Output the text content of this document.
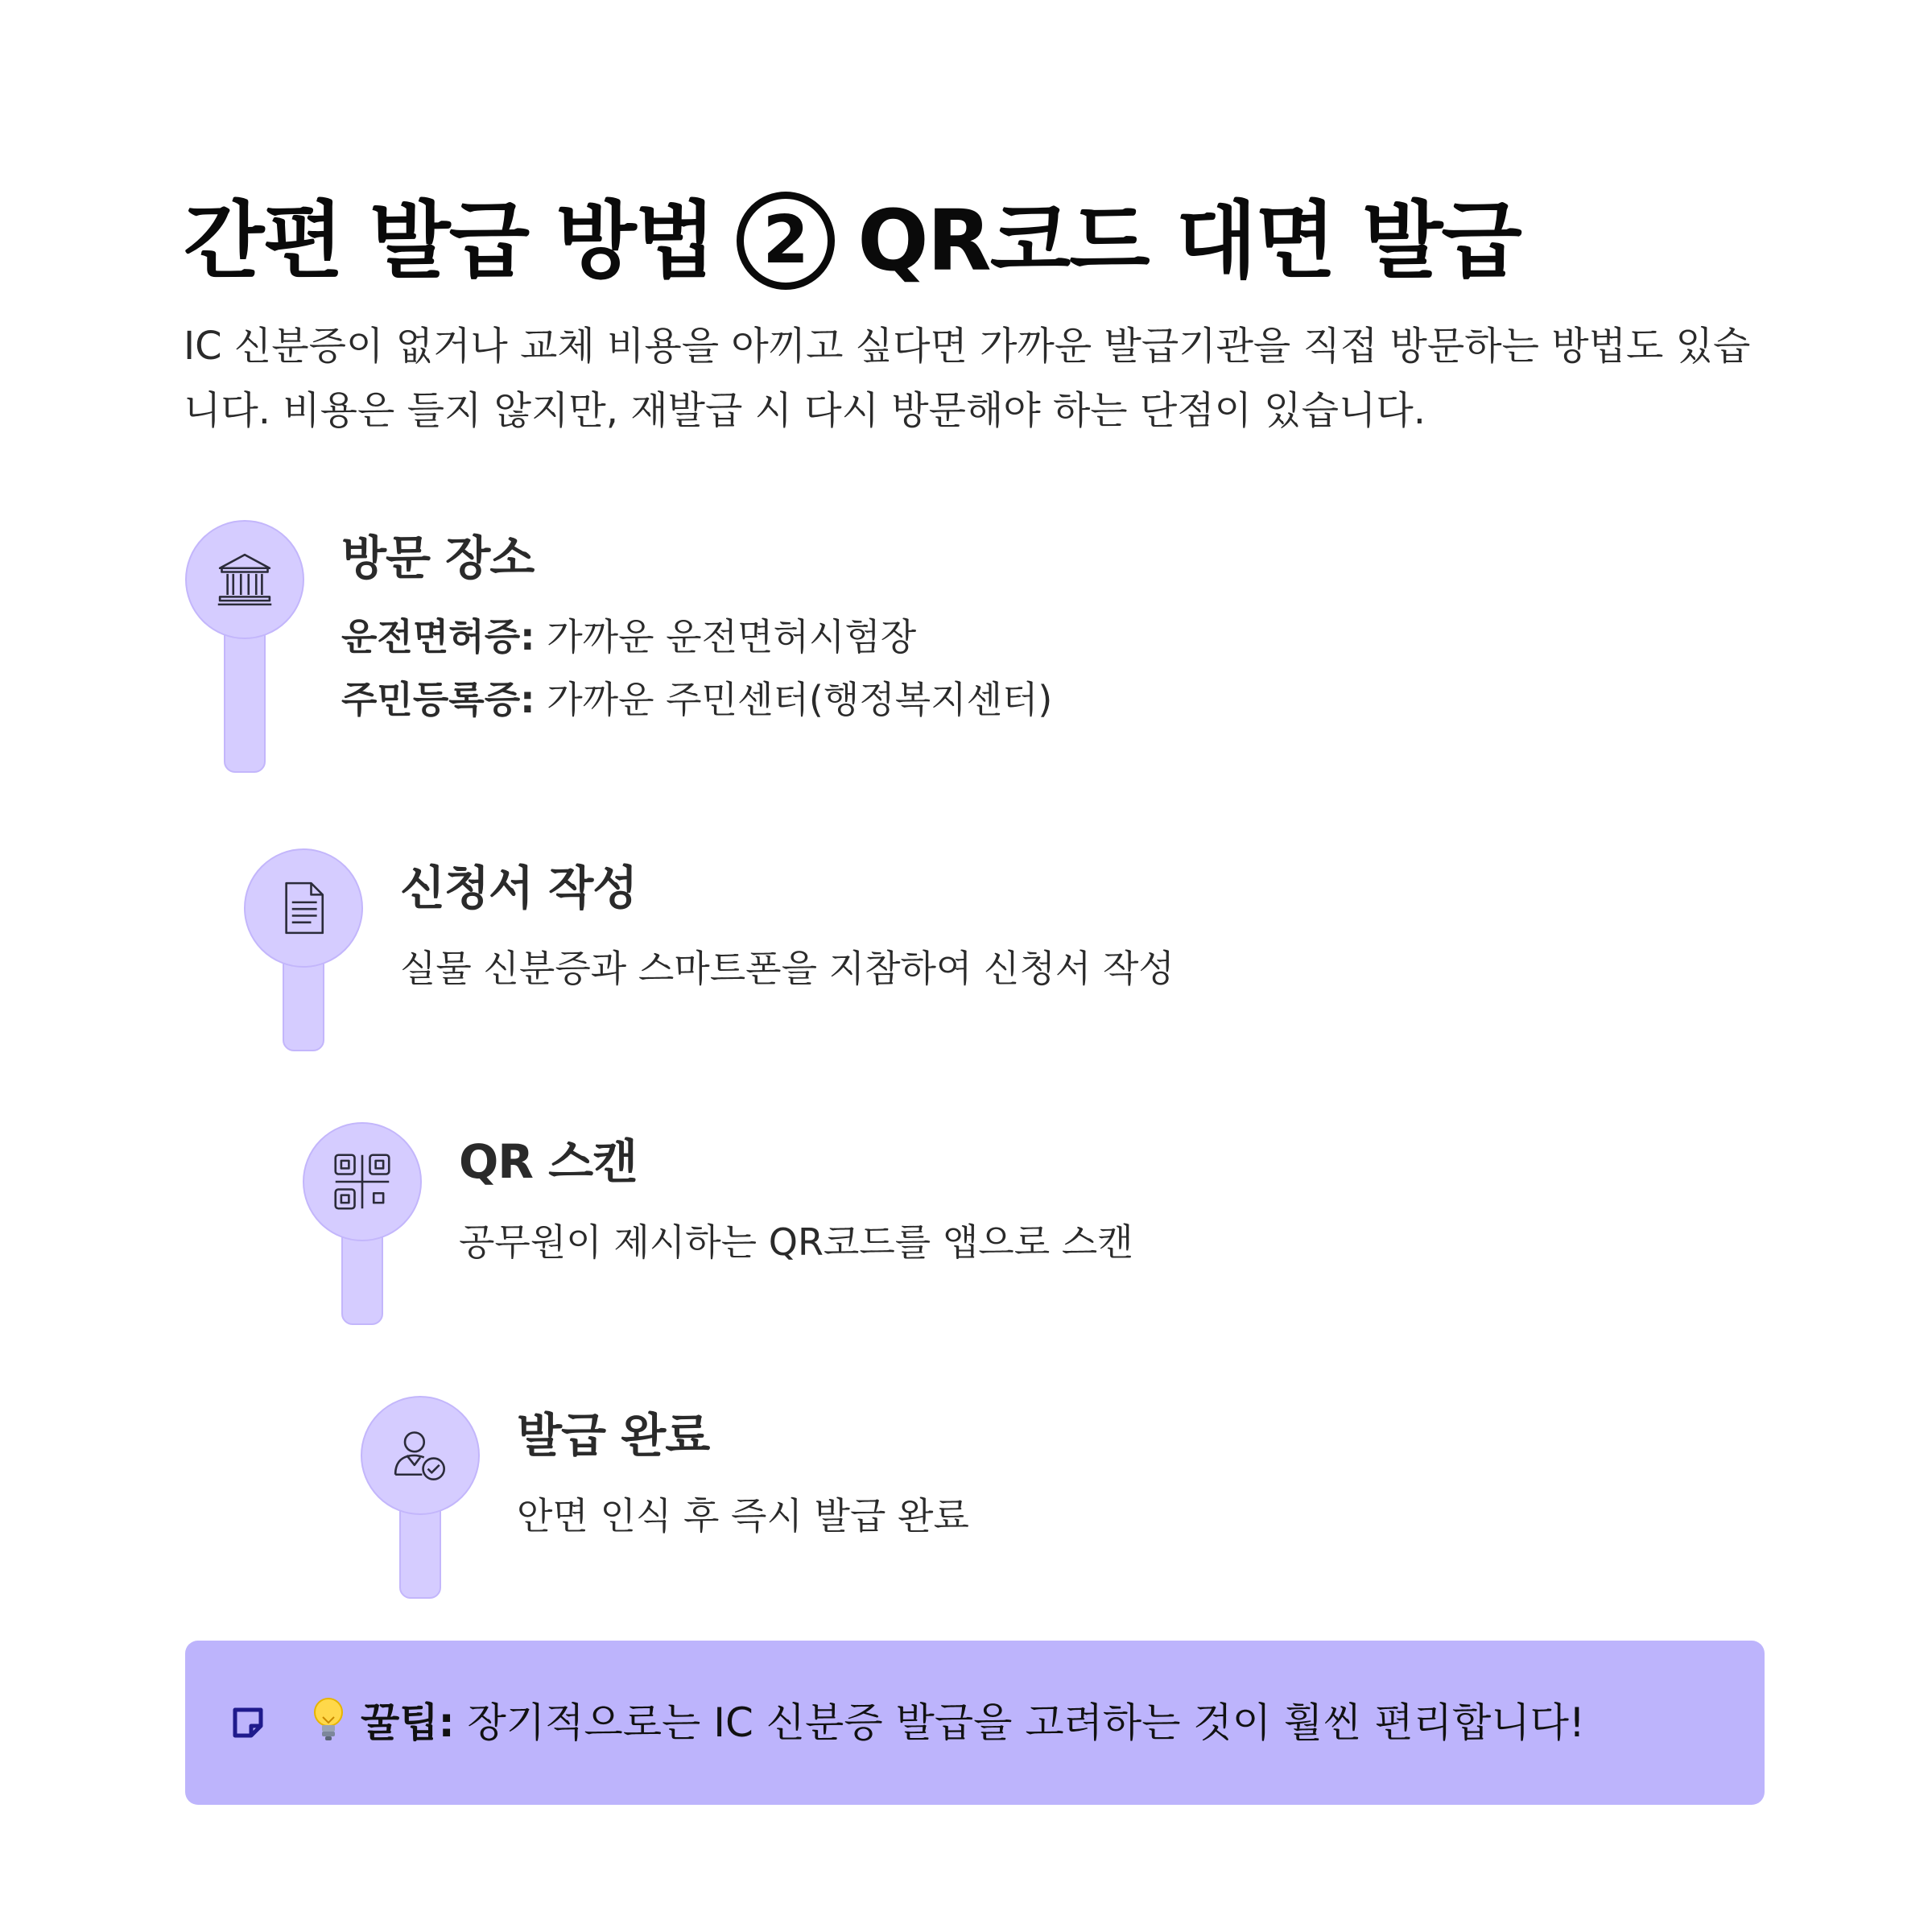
간편 발급 방법 2 QR코드 대면 발급

IC 신분증이 없거나 교체 비용을 아끼고 싶다면 가까운 발급기관을 직접 방문하는 방법도 있습니다. 비용은 들지 않지만, 재발급 시 다시 방문해야 하는 단점이 있습니다.

방문 장소

운전면허증: 가까운 운전면허시험장

주민등록증: 가까운 주민센터(행정복지센터)

신청서 작성

실물 신분증과 스마트폰을 지참하여 신청서 작성

QR 스캔

공무원이 제시하는 QR코드를 앱으로 스캔

발급 완료

안면 인식 후 즉시 발급 완료

꿀팁: 장기적으로는 IC 신분증 발급을 고려하는 것이 훨씬 편리합니다!
